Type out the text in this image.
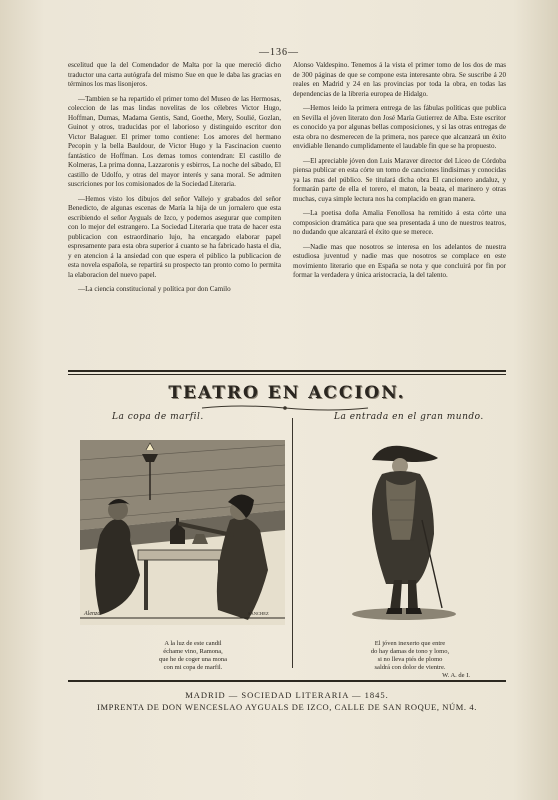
—136—

escelitud que la del Comendador de Malta por la que mereció dicho traductor una carta autógrafa del mismo Sue en que le daba las gracias en términos los mas lisonjeros.

—Tambien se ha repartido el primer tomo del Museo de las Hermosas, coleccion de las mas lindas novelitas de los célebres Victor Hugo, Hoffman, Dumas, Madama Gentis, Sand, Goethe, Mery, Soulié, Gozlan, Guinot y otros, traducidas por el laborioso y distinguido escritor don Victor Balaguer. El primer tomo contiene: Los amores del hermano Pecopin y la bella Bauldour, de Victor Hugo y la Fascinacion cuento fantástico de Hoffman. Los demas tomos contendran: El castillo de Kolmeras, La prima donna, Lazzaronis y esbirros, La noche del sábado, El castillo de Udolfo, y otras del mayor interés y sana moral. Se admiten suscriciones por los comisionados de la Sociedad Literaria.

—Hemos visto los dibujos del señor Vallejo y grabados del señor Benedicto, de algunas escenas de María la hija de un jornalero que esta escribiendo el señor Ayguals de Izco, y podemos asegurar que compiten con lo mejor del estrangero. La Sociedad Literaria que trata de hacer esta publicacion con estraordinario lujo, ha encargado elaborar papel espresamente para esta obra superior á cuanto se ha fabricado hasta el dia, y en atencion á la ansiedad con que espera el público la publicacion de esta novela española, se repartirá su prospecto tan pronto como lo permita la elaboracion del nuevo papel.

—La ciencia constitucional y política por don Camilo

Alonso Valdespino. Tenemos á la vista el primer tomo de los dos de mas de 300 páginas de que se compone esta interesante obra. Se suscribe á 20 reales en Madrid y 24 en las provincias por toda la obra, en todas las dependencias de la libreria europea de Hidalgo.

—Hemos leido la primera entrega de las fábulas políticas que publica en Sevilla el jóven literato don José María Gutierrez de Alba. Este escritor es conocido ya por algunas bellas composiciones, y si las otras entregas de esta obra no desmerecen de la primera, nos parece que alcanzará un éxito envidiable llenando cumplidamente el laudable fin que se ha propuesto.

—El apreciable jóven don Luis Maraver director del Liceo de Córdoba piensa publicar en esta córte un tomo de canciones lindisimas y conocidas ya las mas del público. Se titulará dicha obra El cancionero andaluz, y formarán parte de ella el torero, el maton, la beata, el marinero y otras muchas, cuya simple lectura nos ha complacido en gran manera.

—La poetisa doña Amalia Fenollosa ha remitido á esta córte una composicion dramática para que sea presentada á uno de nuestros teatros, no dudando que alcanzará el éxito que se merece.

—Nadie mas que nosotros se interesa en los adelantos de nuestra estudiosa juventud y nadie mas que nosotros se complace en este movimiento literario que en España se nota y que concluirá por fin por formar la verdadera y única aristocracia, la del talento.

TEATRO EN ACCION.
La copa de marfil.	La entrada en el gran mundo.
Alenza	SANCHEZ
A la luz de este candil
échame vino, Ramona,
que he de coger una mona
con mi copa de marfil.
El jóven inexerto que entre
do hay damas de tono y lomo,
si no lleva piés de plomo
saldrá con dolor de vientre.
W. A. de I.
MADRID — SOCIEDAD LITERARIA — 1845.
IMPRENTA DE DON WENCESLAO AYGUALS DE IZCO, CALLE DE SAN ROQUE, NÚM. 4.
